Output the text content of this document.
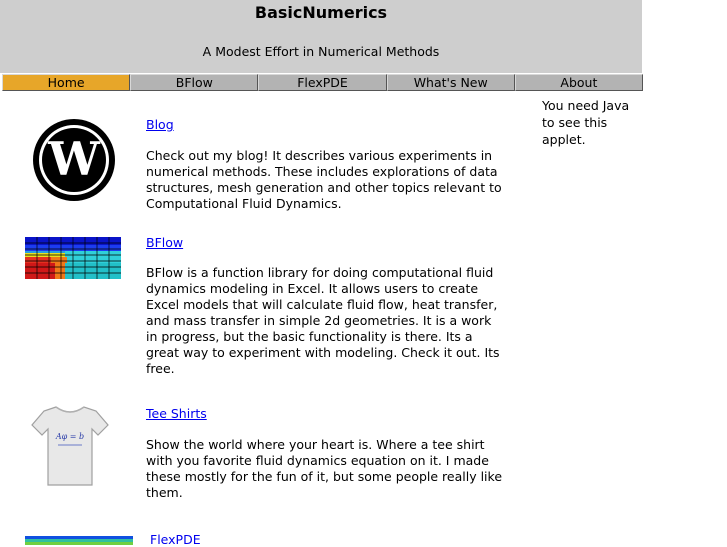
BasicNumerics
A Modest Effort in Numerical Methods
Home	BFlow	FlexPDE	What's New	About
You need Java to see this applet.
W
Blog
Check out my blog! It describes various experiments in numerical methods. These includes explorations of data structures, mesh generation and other topics relevant to Computational Fluid Dynamics.
BFlow
BFlow is a function library for doing computational fluid dynamics modeling in Excel. It allows users to create Excel models that will calculate fluid flow, heat transfer, and mass transfer in simple 2d geometries. It is a work in progress, but the basic functionality is there. Its a great way to experiment with modeling. Check it out. Its free.
Aφ = b
Tee Shirts
Show the world where your heart is. Where a tee shirt with you favorite fluid dynamics equation on it. I made these mostly for the fun of it, but some people really like them.
FlexPDE
